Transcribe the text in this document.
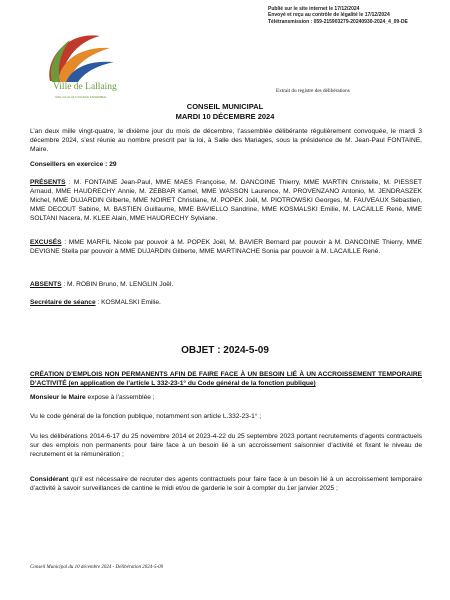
Publié sur le site internet le 17/12/2024
Envoyé et reçu au contrôle de légalité le 17/12/2024
Télétransmission : 059-215903279-20240930-2024_4_09-DE
Ville de Lallaing
UNE VILLE QUI AVANCE ENSEMBLE
Extrait du registre des délibérations
CONSEIL MUNICIPAL
MARDI 10 DÉCEMBRE 2024
L’an deux mille vingt-quatre, le dixième jour du mois de décembre, l’assemblée délibérante régulièrement convoquée, le mardi 3 décembre 2024, s’est réunie au nombre prescrit par la loi, à Salle des Mariages, sous la présidence de M. Jean-Paul FONTAINE, Maire.
Conseillers en exercice : 29
PRÉSENTS : M. FONTAINE Jean-Paul, MME MAES Françoise, M. DANCOINE Thierry, MME MARTIN Christelle, M. PIESSET Arnaud, MME HAUDRECHY Annie, M. ZEBBAR Kamel, MME WASSON Laurence, M. PROVENZANO Antonio, M. JENDRASZEK Michel, MME DUJARDIN Gilberte, MME NOIRET Christiane, M. POPEK Joël, M. PIOTROWSKI Georges, M. FAUVEAUX Sébastien, MME DECOUT Sabine, M. BASTIEN Guillaume, MME BAVIELLO Sandrine, MME KOSMALSKI Emilie, M. LACAILLE René, MME SOLTANI Nacera, M. KLEE Alain, MME HAUDRECHY Sylviane.
EXCUSÉS : MME MARFIL Nicole par pouvoir à M. POPEK Joël, M. BAVIER Bernard par pouvoir à M. DANCOINE Thierry, MME DEVIGNE Stella par pouvoir à MME DUJARDIN Gilberte, MME MARTINACHE Sonia par pouvoir à M. LACAILLE René.
ABSENTS : M. ROBIN Bruno, M. LENGLIN Joël.
Secrétaire de séance : KOSMALSKI Emilie.
OBJET : 2024-5-09
CRÉATION D’EMPLOIS NON PERMANENTS AFIN DE FAIRE FACE À UN BESOIN LIÉ À UN ACCROISSEMENT TEMPORAIRE D’ACTIVITÉ (en application de l’article L 332-23-1° du Code général de la fonction publique)
Monsieur le Maire expose à l’assemblée ;
Vu le code général de la fonction publique, notamment son article L.332-23-1° ;
Vu les délibérations 2014-6-17 du 25 novembre 2014 et 2023-4-22 du 25 septembre 2023 portant recrutements d’agents contractuels sur des emplois non permanents pour faire face à un besoin lié à un accroissement saisonnier d’activité et fixant le niveau de recrutement et la rémunération ;
Considérant qu’il est nécessaire de recruter des agents contractuels pour faire face à un besoin lié à un accroissement temporaire d’activité à savoir surveillances de cantine le midi et/ou de garderie le soir à compter du 1er janvier 2025 ;
Conseil Municipal du 10 décembre 2024 - Délibération 2024-5-09
